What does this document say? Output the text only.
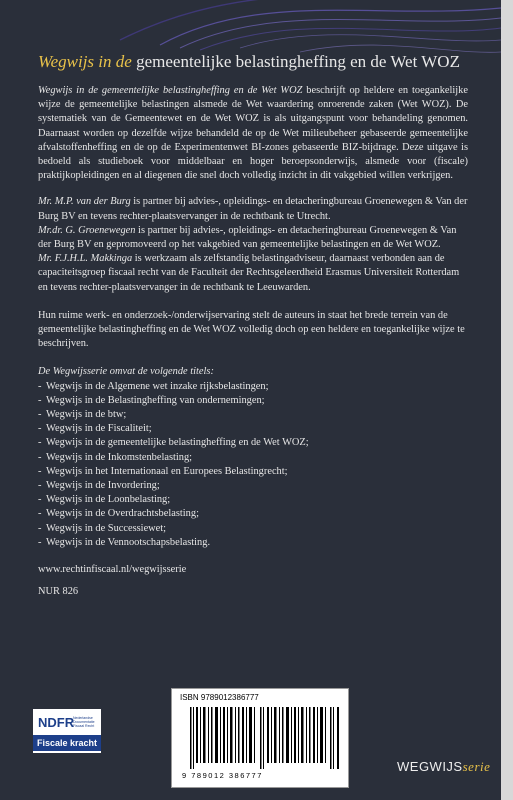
Wegwijs in de gemeentelijke belastingheffing en de Wet WOZ

Wegwijs in de gemeentelijke belastingheffing en de Wet WOZ beschrijft op heldere en toegankelijke wijze de gemeentelijke belastingen alsmede de Wet waardering onroerende zaken (Wet WOZ). De systematiek van de Gemeentewet en de Wet WOZ is als uitgangspunt voor behandeling genomen. Daarnaast worden op dezelfde wijze behandeld de op de Wet milieubeheer gebaseerde gemeentelijke afvalstoffenheffing en de op de Experimentenwet BI-zones gebaseerde BIZ-bijdrage. Deze uitgave is bedoeld als studieboek voor middelbaar en hoger beroepsonderwijs, alsmede voor (fiscale) praktijkopleidingen en al diegenen die snel doch volledig inzicht in dit vakgebied willen verkrijgen.

Mr. M.P. van der Burg is partner bij advies-, opleidings- en detacheringbureau Groenewegen & Van der Burg BV en tevens rechter-plaatsvervanger in de rechtbank te Utrecht.
Mr.dr. G. Groenewegen is partner bij advies-, opleidings- en detacheringbureau Groenewegen & Van der Burg BV en gepromoveerd op het vakgebied van gemeentelijke belastingen en de Wet WOZ.
Mr. F.J.H.L. Makkinga is werkzaam als zelfstandig belastingadviseur, daarnaast verbonden aan de capaciteitsgroep fiscaal recht van de Faculteit der Rechtsgeleerdheid Erasmus Universiteit Rotterdam en tevens rechter-plaatsvervanger in de rechtbank te Leeuwarden.

Hun ruime werk- en onderzoek-/onderwijservaring stelt de auteurs in staat het brede terrein van de gemeentelijke belastingheffing en de Wet WOZ volledig doch op een heldere en toegankelijke wijze te beschrijven.

De Wegwijsserie omvat de volgende titels:

- Wegwijs in de Algemene wet inzake rijksbelastingen;
- Wegwijs in de Belastingheffing van ondernemingen;
- Wegwijs in de btw;
- Wegwijs in de Fiscaliteit;
- Wegwijs in de gemeentelijke belastingheffing en de Wet WOZ;
- Wegwijs in de Inkomstenbelasting;
- Wegwijs in het Internationaal en Europees Belastingrecht;
- Wegwijs in de Invordering;
- Wegwijs in de Loonbelasting;
- Wegwijs in de Overdrachtsbelasting;
- Wegwijs in de Successiewet;
- Wegwijs in de Vennootschapsbelasting.

www.rechtinfiscaal.nl/wegwijsserie

NUR 826

NDFR
Nederlandse Documentatie Fiscaal Recht
Fiscale kracht
ISBN 9789012386777
9 789012 386777
WEGWIJSserie
